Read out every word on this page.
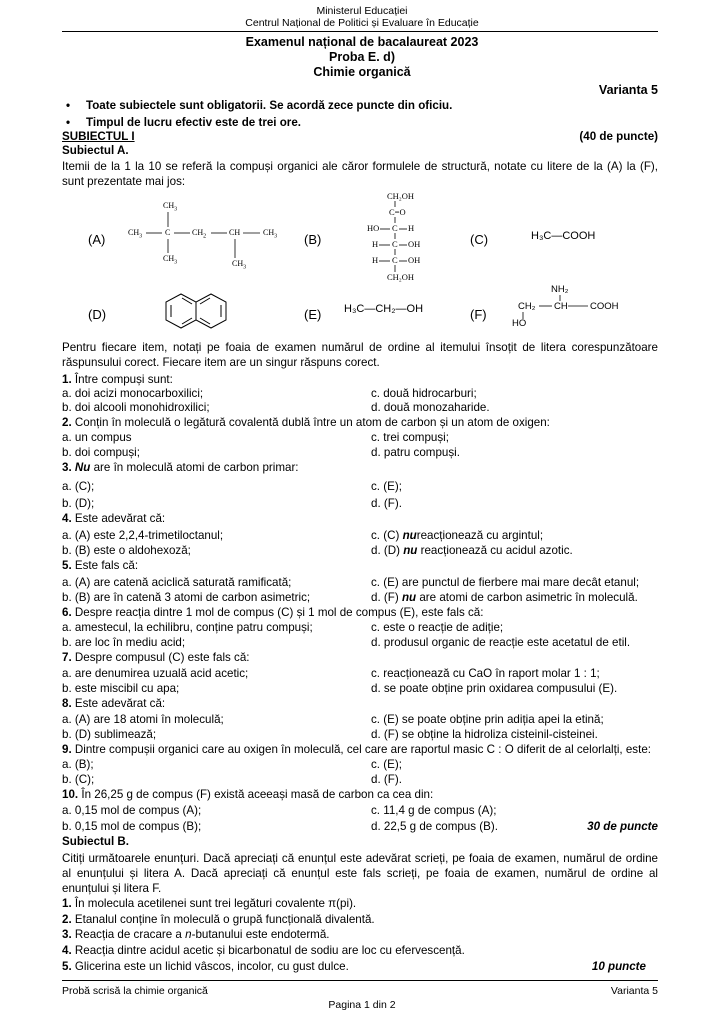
Ministerul Educației
Centrul Național de Politici și Evaluare în Educație
Examenul național de bacalaureat 2023
Proba E. d)
Chimie organică
Varianta 5
• Toate subiectele sunt obligatorii. Se acordă zece puncte din oficiu.
• Timpul de lucru efectiv este de trei ore.
SUBIECTUL I	(40 de puncte)
Subiectul A.
Itemii de la 1 la 10 se referă la compuși organici ale căror formulele de structură, notate cu litere de la (A) la (F), sunt prezentate mai jos:
(A)
$CH_3$
$CH_3$	C	$CH_2$	CH	$CH_3$
$CH_3$	$CH_3$
(B)
CH₂OH
C=O
HO C H
H C OH
H C OH
CH₂OH
(C)	H₃C—COOH
(D)	(E) H₃C—CH₂—OH	(F)
NH₂
CH₂ CH COOH
HO
Pentru fiecare item, notați pe foaia de examen numărul de ordine al itemului însoțit de litera corespunzătoare răspunsului corect. Fiecare item are un singur răspuns corect.
1. Între compuși sunt:
a. doi acizi monocarboxilici;	c. două hidrocarburi;
b. doi alcooli monohidroxilici;	d. două monozaharide.
2. Conțin în moleculă o legătură covalentă dublă între un atom de carbon și un atom de oxigen:
a. un compus	c. trei compuși;
b. doi compuși;	d. patru compuși.
3. Nu are în moleculă atomi de carbon primar:
a. (C);	c. (E);
b. (D);	d. (F).
4. Este adevărat că:
a. (A) este 2,2,4-trimetiloctanul;	c. (C) nureacționează cu argintul;
b. (B) este o aldohexoză;	d. (D) nu reacționează cu acidul azotic.
5. Este fals că:
a. (A) are catenă aciclică saturată ramificată;	c. (E) are punctul de fierbere mai mare decât etanul;
b. (B) are în catenă 3 atomi de carbon asimetric;	d. (F) nu are atomi de carbon asimetric în moleculă.
6. Despre reacția dintre 1 mol de compus (C) și 1 mol de compus (E), este fals că:
a. amestecul, la echilibru, conține patru compuși;	c. este o reacție de adiție;
b. are loc în mediu acid;	d. produsul organic de reacție este acetatul de etil.
7. Despre compusul (C) este fals că:
a. are denumirea uzuală acid acetic;	c. reacționează cu CaO în raport molar 1 : 1;
b. este miscibil cu apa;	d. se poate obține prin oxidarea compusului (E).
8. Este adevărat că:
a. (A) are 18 atomi în moleculă;	c. (E) se poate obține prin adiția apei la etină;
b. (D) sublimează;	d. (F) se obține la hidroliza cisteinil-cisteinei.
9. Dintre compușii organici care au oxigen în moleculă, cel care are raportul masic C : O diferit de al celorlalți, este:
a. (B);	c. (E);
b. (C);	d. (F).
10. În 26,25 g de compus (F) există aceeași masă de carbon ca cea din:
a. 0,15 mol de compus (A);	c. 11,4 g de compus (A);
b. 0,15 mol de compus (B);	d. 22,5 g de compus (B).	30 de puncte
Subiectul B.
Citiți următoarele enunțuri. Dacă apreciați că enunțul este adevărat scrieți, pe foaia de examen, numărul de ordine al enunțului și litera A. Dacă apreciați că enunțul este fals scrieți, pe foaia de examen, numărul de ordine al enunțului și litera F.
1. În molecula acetilenei sunt trei legături covalente π(pi).
2. Etanalul conține în moleculă o grupă funcțională divalentă.
3. Reacția de cracare a n-butanului este endotermă.
4. Reacția dintre acidul acetic și bicarbonatul de sodiu are loc cu efervescență.
5. Glicerina este un lichid vâscos, incolor, cu gust dulce.	10 puncte
Probă scrisă la chimie organică	Varianta 5
Pagina 1 din 2
